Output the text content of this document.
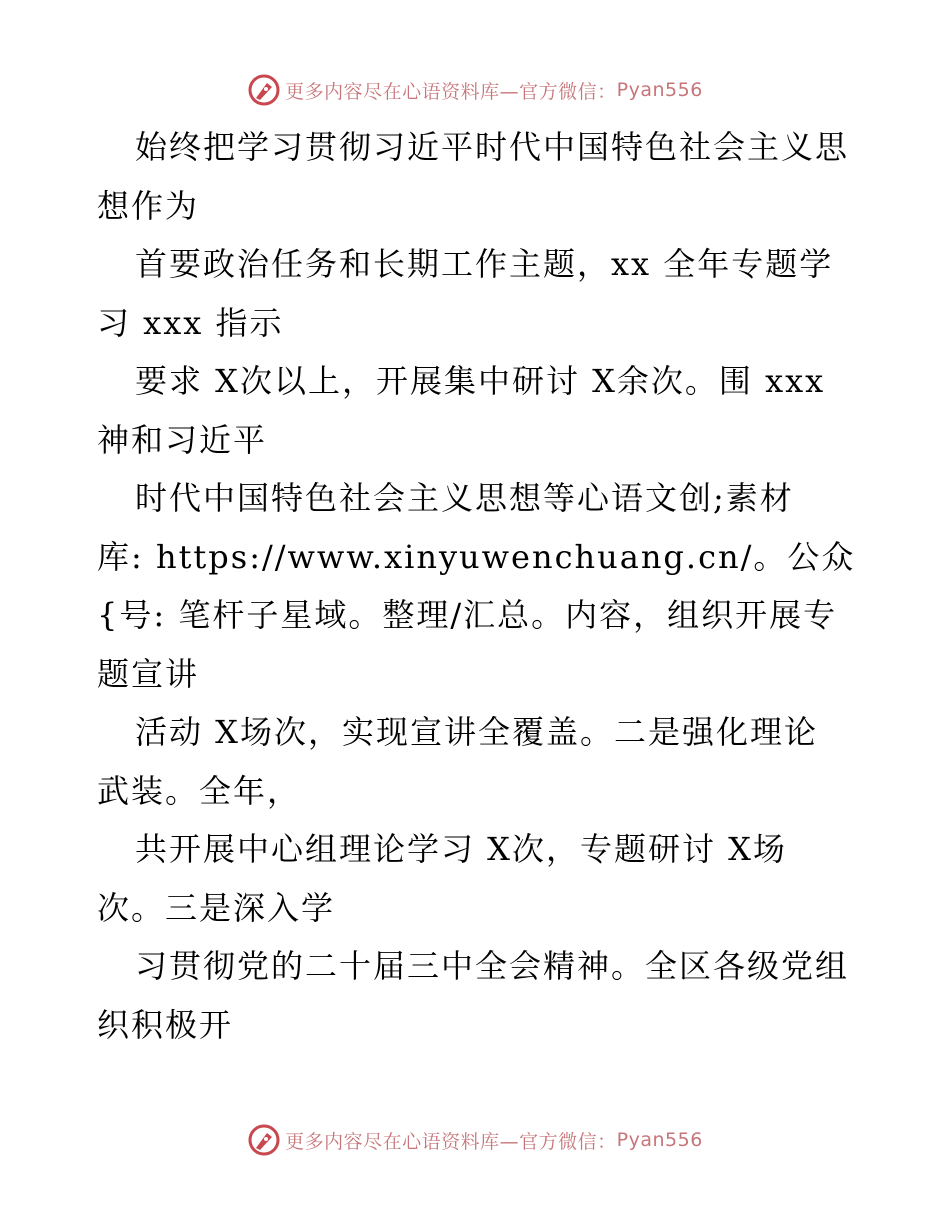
更多内容尽在心语资料库—官方微信： Pyan556
始终把学习贯彻习近平时代中国特色社会主义思
想作为
首要政治任务和长期工作主题，xx 全年专题学
习 xxx 指示
要求 X次以上，开展集中研讨 X余次。围 xxx
神和习近平
时代中国特色社会主义思想等心语文创;素材
库: https://www.xinyuwenchuang.cn/。公众
{号: 笔杆子星域。整理/汇总。内容，组织开展专
题宣讲
活动 X场次，实现宣讲全覆盖。二是强化理论
武装。全年，
共开展中心组理论学习 X次，专题研讨 X场
次。三是深入学
习贯彻党的二十届三中全会精神。全区各级党组
织积极开
更多内容尽在心语资料库—官方微信： Pyan556
